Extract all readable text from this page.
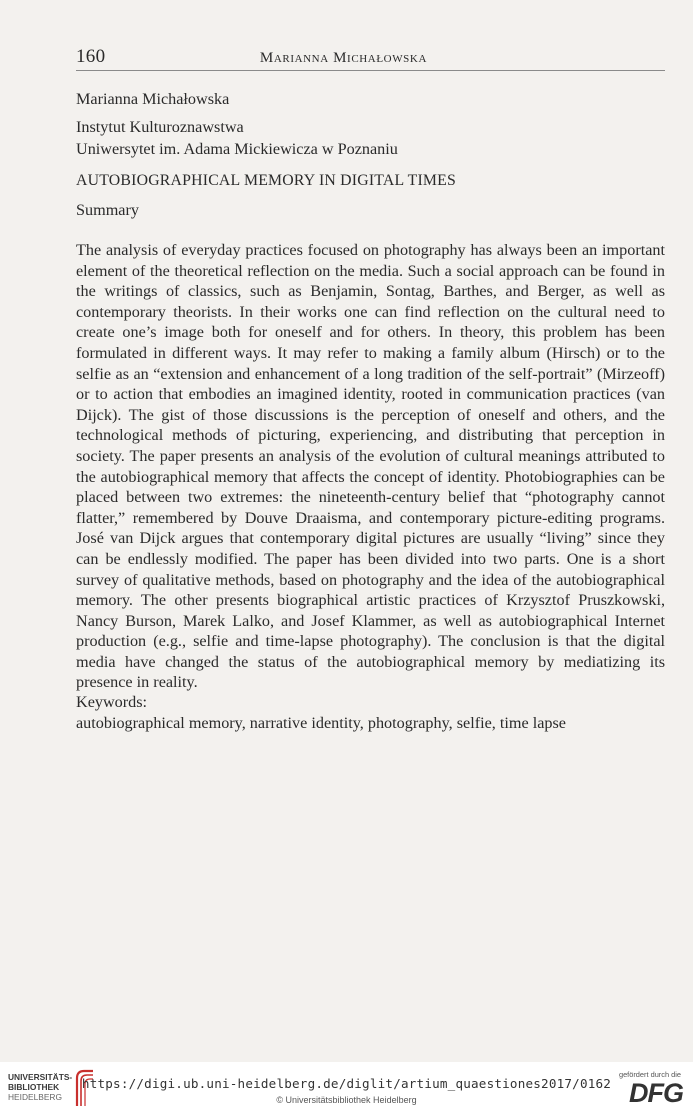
160	Marianna Michałowska

Marianna Michałowska

Instytut Kulturoznawstwa

Uniwersytet im. Adama Mickiewicza w Poznaniu

AUTOBIOGRAPHICAL MEMORY IN DIGITAL TIMES

Summary

The analysis of everyday practices focused on photography has always been an important element of the theoretical reflection on the media. Such a social approach can be found in the writings of classics, such as Benjamin, Sontag, Barthes, and Berger, as well as contemporary theorists. In their works one can find reflection on the cultural need to create one’s image both for oneself and for others. In theory, this problem has been formulated in different ways. It may refer to making a family album (Hirsch) or to the selfie as an “extension and enhancement of a long tradition of the self-portrait” (Mirzeoff) or to action that embodies an imagined identity, rooted in communication practices (van Dijck). The gist of those discussions is the perception of oneself and others, and the technological methods of picturing, experiencing, and distributing that perception in society. The paper presents an analysis of the evolution of cultural meanings attributed to the autobiographical memory that affects the concept of identity. Photobiographies can be placed between two extremes: the nineteenth-century belief that “photography cannot flatter,” remembered by Douve Draaisma, and contemporary picture-editing programs. José van Dijck argues that contemporary digital pictures are usually “living” since they can be endlessly modified. The paper has been divided into two parts. One is a short survey of qualitative methods, based on photography and the idea of the autobiographical memory. The other presents biographical artistic practices of Krzysztof Pruszkowski, Nancy Burson, Marek Lalko, and Josef Klammer, as well as autobiographical Internet production (e.g., selfie and time-lapse photography). The conclusion is that the digital media have changed the status of the autobiographical memory by mediatizing its presence in reality.

Keywords:

autobiographical memory, narrative identity, photography, selfie, time lapse

UNIVERSITÄTS-
BIBLIOTHEK
HEIDELBERG
https://digi.ub.uni-heidelberg.de/diglit/artium_quaestiones2017/0162
© Universitätsbibliothek Heidelberg
gefördert durch die
DFG
